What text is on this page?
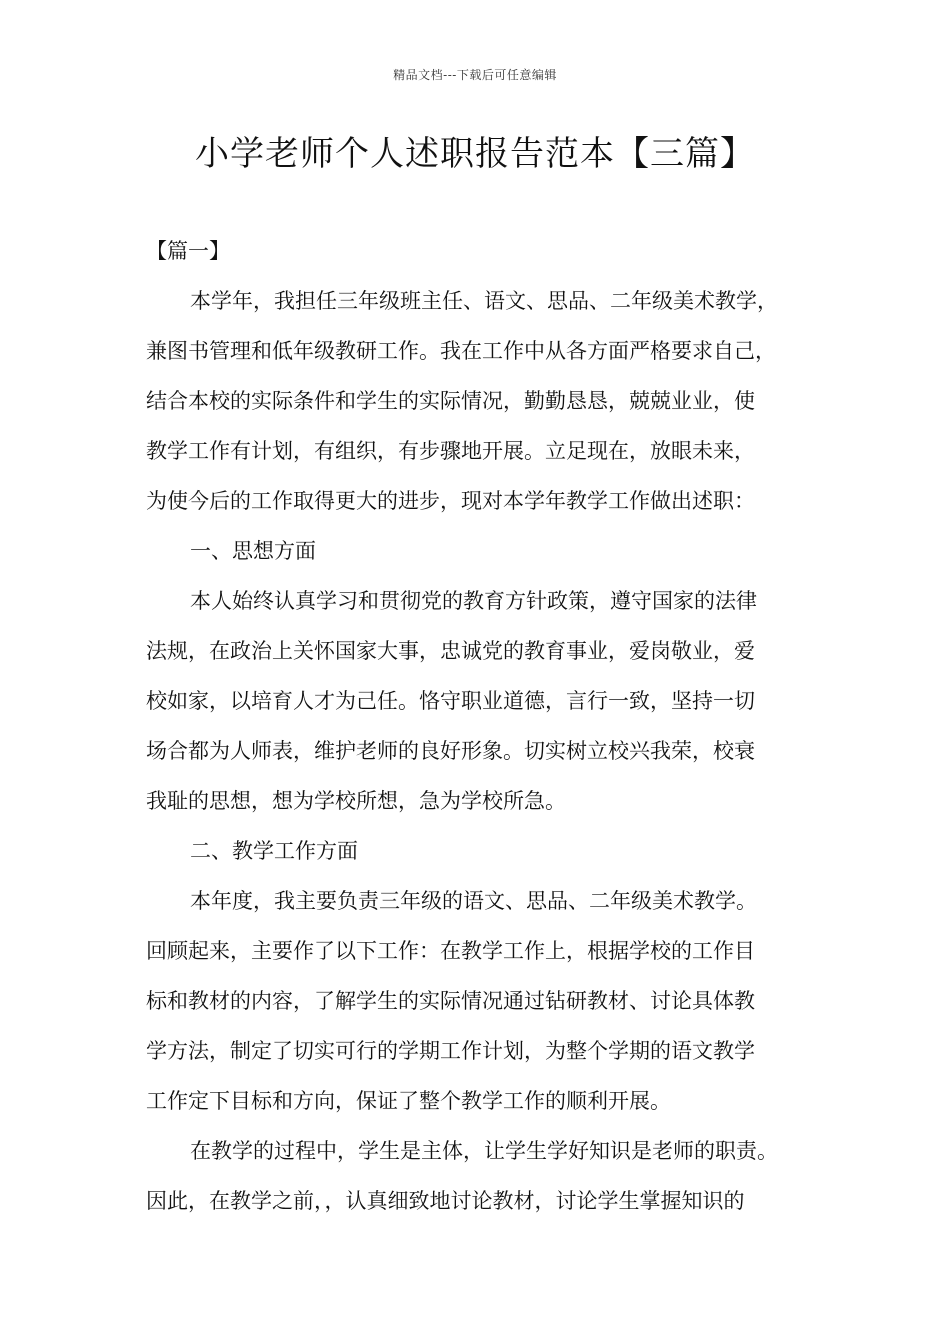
精品文档---下载后可任意编辑
小学老师个人述职报告范本【三篇】
【篇一】
本学年，我担任三年级班主任、语文、思品、二年级美术教学，
兼图书管理和低年级教研工作。我在工作中从各方面严格要求自己，
结合本校的实际条件和学生的实际情况，勤勤恳恳，兢兢业业，使
教学工作有计划，有组织，有步骤地开展。立足现在，放眼未来，
为使今后的工作取得更大的进步，现对本学年教学工作做出述职：
一、思想方面
本人始终认真学习和贯彻党的教育方针政策，遵守国家的法律
法规，在政治上关怀国家大事，忠诚党的教育事业，爱岗敬业，爱
校如家，以培育人才为己任。恪守职业道德，言行一致，坚持一切
场合都为人师表，维护老师的良好形象。切实树立校兴我荣，校衰
我耻的思想，想为学校所想，急为学校所急。
二、教学工作方面
本年度，我主要负责三年级的语文、思品、二年级美术教学。
回顾起来，主要作了以下工作：在教学工作上，根据学校的工作目
标和教材的内容，了解学生的实际情况通过钻研教材、讨论具体教
学方法，制定了切实可行的学期工作计划，为整个学期的语文教学
工作定下目标和方向，保证了整个教学工作的顺利开展。
在教学的过程中，学生是主体，让学生学好知识是老师的职责。
因此，在教学之前，，认真细致地讨论教材，讨论学生掌握知识的
